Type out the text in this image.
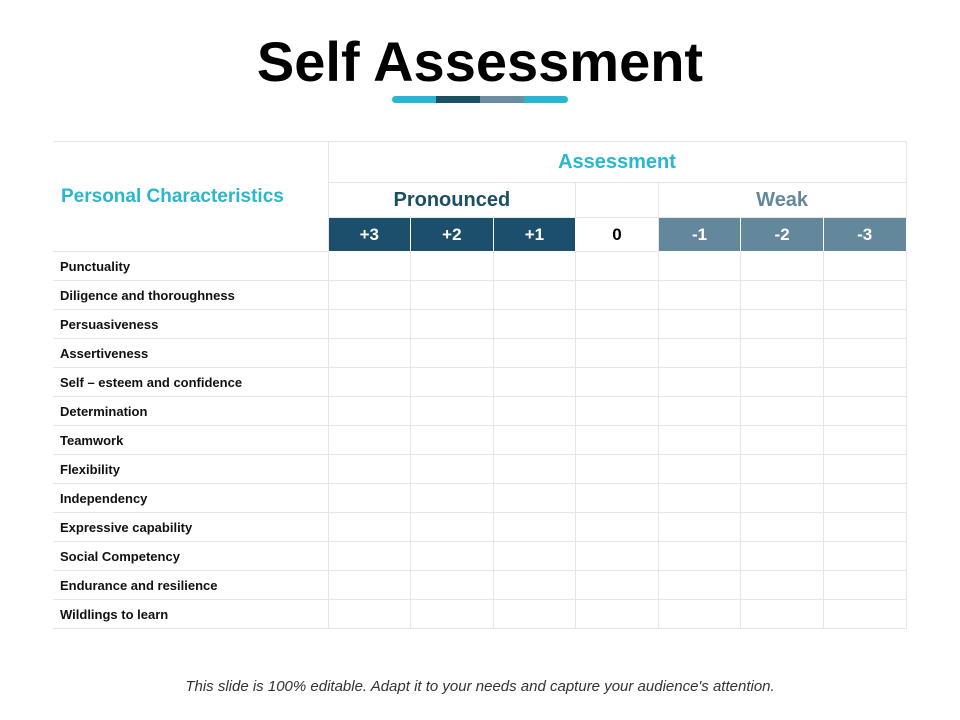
Self Assessment
Personal Characteristics	Assessment						
	Pronounced				Weak		
	+3	+2	+1	0	-1	-2	-3
Punctuality							
Diligence and thoroughness							
Persuasiveness							
Assertiveness							
Self – esteem and confidence							
Determination							
Teamwork							
Flexibility							
Independency							
Expressive capability							
Social Competency							
Endurance and resilience							
Wildlings to learn							
This slide is 100% editable. Adapt it to your needs and capture your audience's attention.
